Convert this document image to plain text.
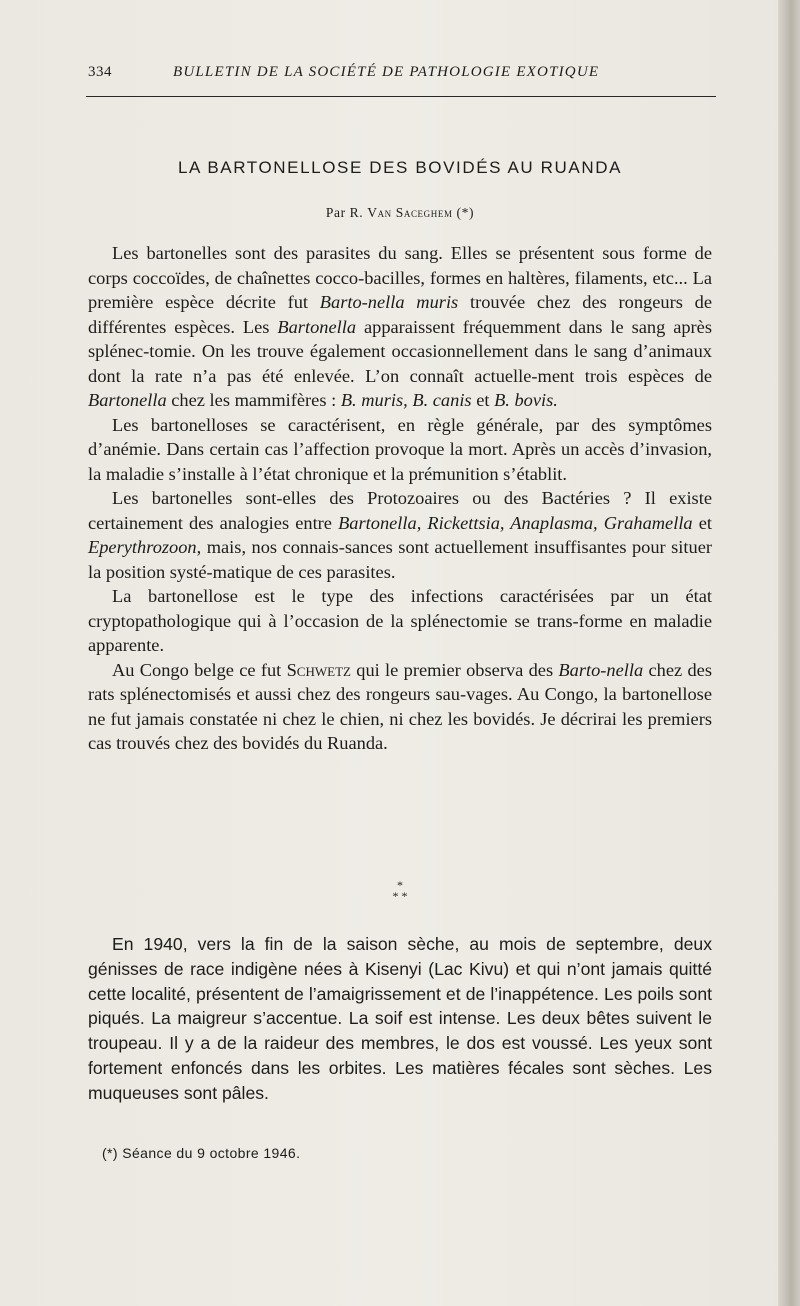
334	BULLETIN DE LA SOCIÉTÉ DE PATHOLOGIE EXOTIQUE
LA BARTONELLOSE DES BOVIDÉS AU RUANDA
Par R. Van Sacеghem (*)

Les bartonelles sont des parasites du sang. Elles se présentent sous forme de corps coccoïdes, de chaînettes cocco-bacilles, formes en haltères, filaments, etc... La première espèce décrite fut Barto-nella muris trouvée chez des rongeurs de différentes espèces. Les Bartonella apparaissent fréquemment dans le sang après splénec-tomie. On les trouve également occasionnellement dans le sang d’animaux dont la rate n’a pas été enlevée. L’on connaît actuelle-ment trois espèces de Bartonella chez les mammifères : B. muris, B. canis et B. bovis.

Les bartonelloses se caractérisent, en règle générale, par des symptômes d’anémie. Dans certain cas l’affection provoque la mort. Après un accès d’invasion, la maladie s’installe à l’état chronique et la prémunition s’établit.

Les bartonelles sont-elles des Protozoaires ou des Bactéries ? Il existe certainement des analogies entre Bartonella, Rickettsia, Anaplasma, Grahamella et Eperythrozoon, mais, nos connais-sances sont actuellement insuffisantes pour situer la position systé-matique de ces parasites.

La bartonellose est le type des infections caractérisées par un état cryptopathologique qui à l’occasion de la splénectomie se trans-forme en maladie apparente.

Au Congo belge ce fut Schwetz qui le premier observa des Barto-nella chez des rats splénectomisés et aussi chez des rongeurs sau-vages. Au Congo, la bartonellose ne fut jamais constatée ni chez le chien, ni chez les bovidés. Je décrirai les premiers cas trouvés chez des bovidés du Ruanda.

*
* *

En 1940, vers la fin de la saison sèche, au mois de septembre, deux génisses de race indigène nées à Kisenyi (Lac Kivu) et qui n’ont jamais quitté cette localité, présentent de l’amaigrissement et de l’inappétence. Les poils sont piqués. La maigreur s’accentue. La soif est intense. Les deux bêtes suivent le troupeau. Il y a de la raideur des membres, le dos est voussé. Les yeux sont fortement enfoncés dans les orbites. Les matières fécales sont sèches. Les muqueuses sont pâles.

(*) Séance du 9 octobre 1946.
